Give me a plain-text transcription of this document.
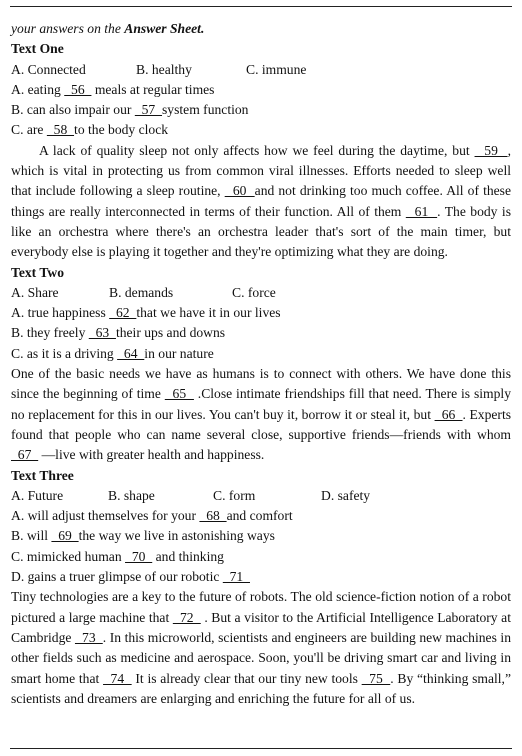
your answers on the Answer Sheet.
Text One
A. Connected	B. healthy	C. immune
A. eating   56   meals at regular times
B. can also impair our   57  system function
C. are   58  to the body clock
A lack of quality sleep not only affects how we feel during the daytime, but   59  , which is vital in protecting us from common viral illnesses. Efforts needed to sleep well that include following a sleep routine,   60  and not drinking too much coffee. All of these things are really interconnected in terms of their function. All of them   61  . The body is like an orchestra where there's an orchestra leader that's sort of the main timer, but everybody else is playing it together and they're optimizing what they are doing.
Text Two
A. Share	B. demands	C. force
A. true happiness   62  that we have it in our lives
B. they freely   63  their ups and downs
C. as it is a driving   64  in our nature
One of the basic needs we have as humans is to connect with others. We have done this since the beginning of time   65   .Close intimate friendships fill that need. There is simply no replacement for this in our lives. You can't buy it, borrow it or steal it, but   66  . Experts found that people who can name several close, supportive friends—friends with whom   67   —live with greater health and happiness.
Text Three
A. Future	B. shape	C. form	D. safety
A. will adjust themselves for your   68  and comfort
B. will   69  the way we live in astonishing ways
C. mimicked human   70   and thinking
D. gains a truer glimpse of our robotic   71
Tiny technologies are a key to the future of robots. The old science-fiction notion of a robot pictured a large machine that   72   . But a visitor to the Artificial Intelligence Laboratory at Cambridge   73  . In this microworld, scientists and engineers are building new machines in other fields such as medicine and aerospace. Soon, you'll be driving smart car and living in smart home that   74   It is already clear that our tiny new tools   75  . By “thinking small,” scientists and dreamers are enlarging and enriching the future for all of us.
